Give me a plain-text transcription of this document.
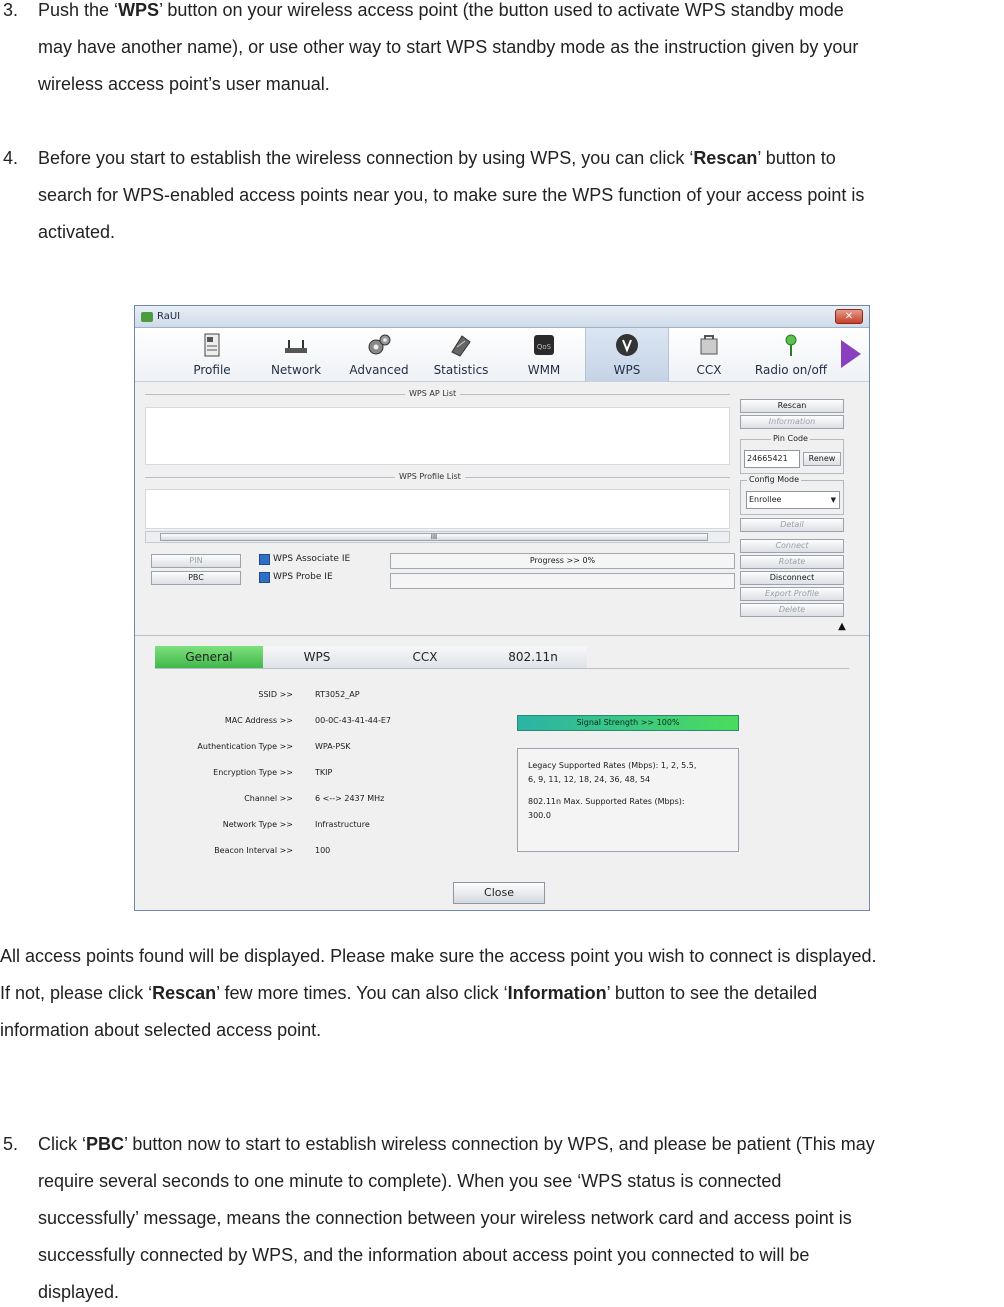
3. Push the ‘WPS’ button on your wireless access point (the button used to activate WPS standby mode
may have another name), or use other way to start WPS standby mode as the instruction given by your
wireless access point’s user manual.
4. Before you start to establish the wireless connection by using WPS, you can click ‘Rescan’ button to
search for WPS-enabled access points near you, to make sure the WPS function of your access point is
activated.
RaUI	✕
Profile	Network	Advanced	Statistics
QoS
WMM	WPS	CCX	Radio on/off
WPS AP List
WPS Profile List
III
Rescan
Information
Pin Code
24665421	Renew
Config Mode
Enrollee	▼
Detail
Connect
Rotate
Disconnect
Export Profile
Delete
PIN
PBC
WPS Associate IE
WPS Probe IE
Progress >> 0%
▲
General	WPS	CCX	802.11n
SSID >>	RT3052_AP
MAC Address >>	00-0C-43-41-44-E7
Authentication Type >>	WPA-PSK
Encryption Type >>	TKIP
Channel >>	6 <--> 2437 MHz
Network Type >>	Infrastructure
Beacon Interval >>	100
Signal Strength >> 100%
Legacy Supported Rates (Mbps): 1, 2, 5.5,
6, 9, 11, 12, 18, 24, 36, 48, 54
802.11n Max. Supported Rates (Mbps):
300.0
Close
All access points found will be displayed. Please make sure the access point you wish to connect is displayed.
If not, please click ‘Rescan’ few more times. You can also click ‘Information’ button to see the detailed
information about selected access point.
5. Click ‘PBC’ button now to start to establish wireless connection by WPS, and please be patient (This may
require several seconds to one minute to complete). When you see ‘WPS status is connected
successfully’ message, means the connection between your wireless network card and access point is
successfully connected by WPS, and the information about access point you connected to will be
displayed.
